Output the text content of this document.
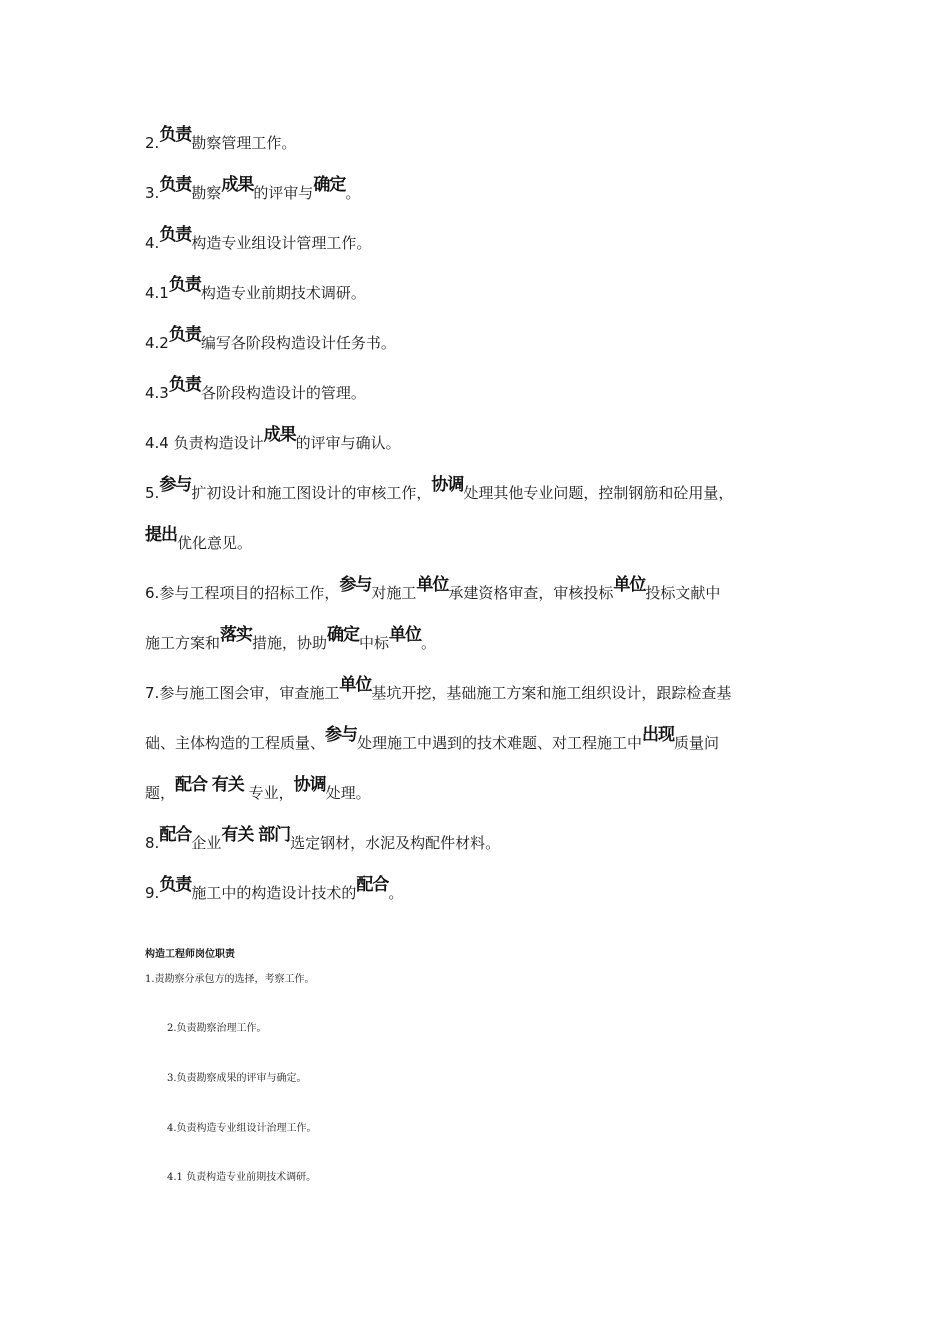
2.负责勘察管理工作。
3.负责勘察成果的评审与确定。
4.负责构造专业组设计管理工作。
4.1负责构造专业前期技术调研。
4.2负责编写各阶段构造设计任务书。
4.3负责各阶段构造设计的管理。
4.4 负责构造设计成果的评审与确认。
5.参与扩初设计和施工图设计的审核工作，协调处理其他专业问题，控制钢筋和砼用量，
提出优化意见。
6.参与工程项目的招标工作，参与对施工单位承建资格审查，审核投标单位投标文献中
施工方案和落实措施，协助确定中标单位。
7.参与施工图会审，审查施工单位基坑开挖，基础施工方案和施工组织设计，跟踪检查基
础、主体构造的工程质量、参与处理施工中遇到的技术难题、对工程施工中出现质量问
题，配合 有关 专业，协调处理。
8.配合企业有关 部门选定钢材，水泥及构配件材料。
9.负责施工中的构造设计技术的配合。
构造工程师岗位职责
1.责勘察分承包方的选择，考察工作。
2.负责勘察治理工作。
3.负责勘察成果的评审与确定。
4.负责构造专业组设计治理工作。
4.1 负责构造专业前期技术调研。
